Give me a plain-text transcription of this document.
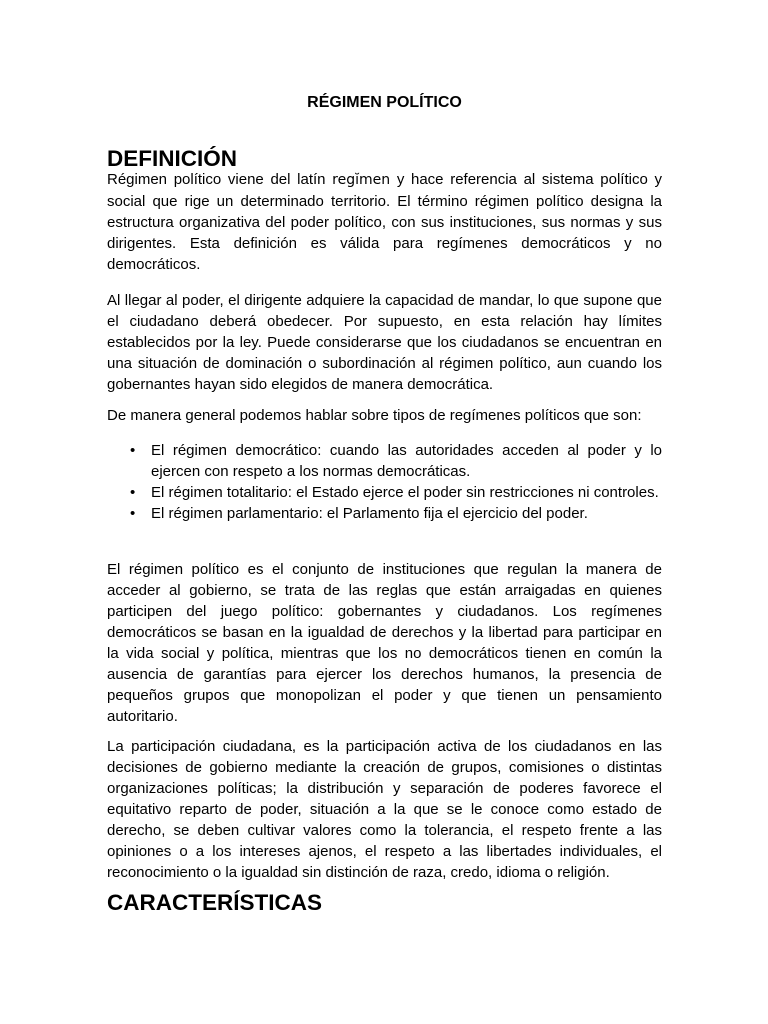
RÉGIMEN POLÍTICO
DEFINICIÓN

Régimen político viene del latín regĭmen y hace referencia al sistema político y social que rige un determinado territorio. El término régimen político designa la estructura organizativa del poder político, con sus instituciones, sus normas y sus dirigentes. Esta definición es válida para regímenes democráticos y no democráticos.

Al llegar al poder, el dirigente adquiere la capacidad de mandar, lo que supone que el ciudadano deberá obedecer. Por supuesto, en esta relación hay límites establecidos por la ley. Puede considerarse que los ciudadanos se encuentran en una situación de dominación o subordinación al régimen político, aun cuando los gobernantes hayan sido elegidos de manera democrática.

De manera general podemos hablar sobre tipos de regímenes políticos que son:

• El régimen democrático: cuando las autoridades acceden al poder y lo ejercen con respeto a los normas democráticas.
• El régimen totalitario: el Estado ejerce el poder sin restricciones ni controles.
• El régimen parlamentario: el Parlamento fija el ejercicio del poder.

El régimen político es el conjunto de instituciones que regulan la manera de acceder al gobierno, se trata de las reglas que están arraigadas en quienes participen del juego político: gobernantes y ciudadanos. Los regímenes democráticos se basan en la igualdad de derechos y la libertad para participar en la vida social y política, mientras que los no democráticos tienen en común la ausencia de garantías para ejercer los derechos humanos, la presencia de pequeños grupos que monopolizan el poder y que tienen un pensamiento autoritario.

La participación ciudadana, es la participación activa de los ciudadanos en las decisiones de gobierno mediante la creación de grupos, comisiones o distintas organizaciones políticas; la distribución y separación de poderes favorece el equitativo reparto de poder, situación a la que se le conoce como estado de derecho, se deben cultivar valores como la tolerancia, el respeto frente a las opiniones o a los intereses ajenos, el respeto a las libertades individuales, el reconocimiento o la igualdad sin distinción de raza, credo, idioma o religión.

CARACTERÍSTICAS
